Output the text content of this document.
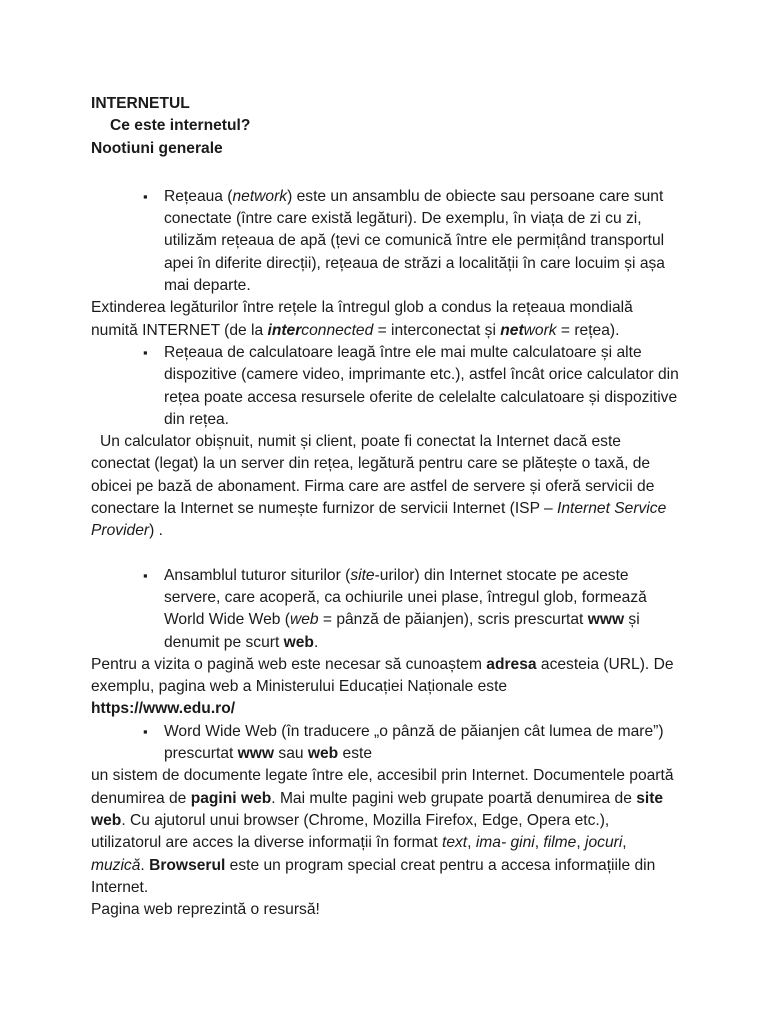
INTERNETUL

Ce este internetul?

Nootiuni generale

▪ Rețeaua (network) este un ansamblu de obiecte sau persoane care sunt conectate (între care există legături). De exemplu, în viața de zi cu zi, utilizăm rețeaua de apă (țevi ce comunică între ele permițând transportul apei în diferite direcții), rețeaua de străzi a localității în care locuim și așa mai departe.

Extinderea legăturilor între rețele la întregul glob a condus la rețeaua mondială numită INTERNET (de la interconnected = interconectat și network = rețea).

▪ Rețeaua de calculatoare leagă între ele mai multe calculatoare și alte dispozitive (camere video, imprimante etc.), astfel încât orice calculator din rețea poate accesa resursele oferite de celelalte calculatoare și dispozitive din rețea.

Un calculator obișnuit, numit și client, poate fi conectat la Internet dacă este conectat (legat) la un server din rețea, legătură pentru care se plătește o taxă, de obicei pe bază de abonament. Firma care are astfel de servere și oferă servicii de conectare la Internet se numește furnizor de servicii Internet (ISP – Internet Service Provider) .

▪ Ansamblul tuturor siturilor (site-urilor) din Internet stocate pe aceste servere, care acoperă, ca ochiurile unei plase, întregul glob, formează World Wide Web (web = pânză de păianjen), scris prescurtat www și denumit pe scurt web.

Pentru a vizita o pagină web este necesar să cunoaștem adresa acesteia (URL). De exemplu, pagina web a Ministerului Educației Naționale este

https://www.edu.ro/

▪ Word Wide Web (în traducere „o pânză de păianjen cât lumea de mare”) prescurtat www sau web este

un sistem de documente legate între ele, accesibil prin Internet. Documentele poartă denumirea de pagini web. Mai multe pagini web grupate poartă denumirea de site web. Cu ajutorul unui browser (Chrome, Mozilla Firefox, Edge, Opera etc.), utilizatorul are acces la diverse informații în format text, ima- gini, filme, jocuri, muzică. Browserul este un program special creat pentru a accesa informațiile din Internet.

Pagina web reprezintă o resursă!
